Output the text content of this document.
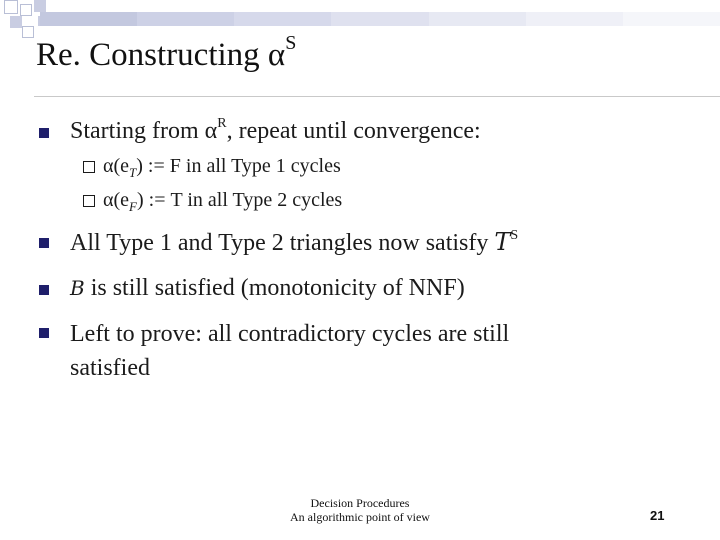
Re. Constructing $\alpha^S$
Starting from $\alpha^R$, repeat until convergence:
$\alpha(e_T)$ := F in all Type 1 cycles
$\alpha(e_F)$ := T in all Type 2 cycles
All Type 1 and Type 2 triangles now satisfy $T^S$
B is still satisfied (monotonicity of NNF)
Left to prove: all contradictory cycles are still
satisfied
Decision Procedures
An algorithmic point of view	21
